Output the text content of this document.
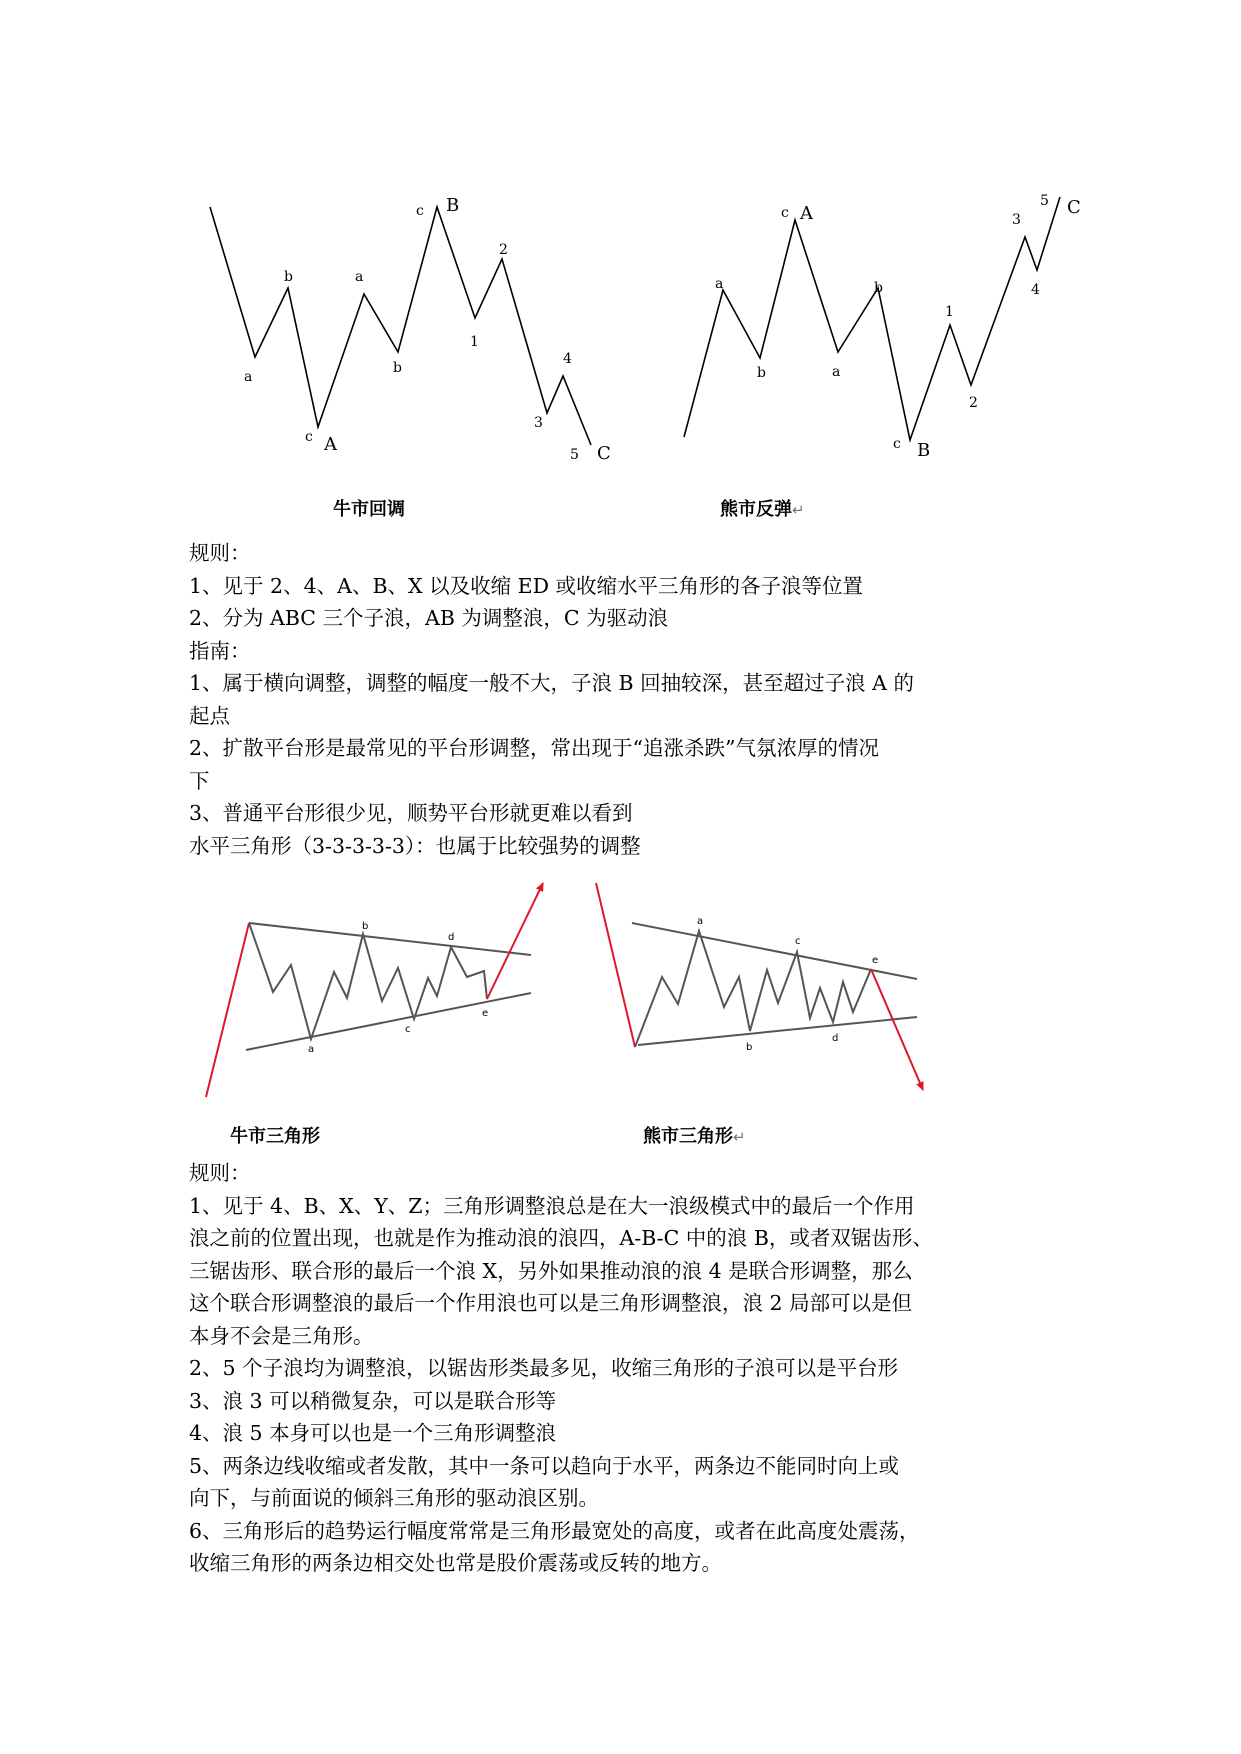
a
b
c A
a
b
c B
1
2
3
4
5 C
a
b
c A
a
b
c B
1
2
3
4
5 C
牛市回调	熊市反弹↵

规则：

1、见于 2、4、A、B、X 以及收缩 ED 或收缩水平三角形的各子浪等位置

2、分为 ABC 三个子浪，AB 为调整浪，C 为驱动浪

指南：

1、属于横向调整，调整的幅度一般不大，子浪 B 回抽较深，甚至超过子浪 A 的

起点

2、扩散平台形是最常见的平台形调整，常出现于“追涨杀跌”气氛浓厚的情况

下

3、普通平台形很少见，顺势平台形就更难以看到

水平三角形（3-3-3-3-3）：也属于比较强势的调整

a
b
c
d
e
a
b
c
d
e
牛市三角形	熊市三角形↵

规则：

1、见于 4、B、X、Y、Z；三角形调整浪总是在大一浪级模式中的最后一个作用

浪之前的位置出现，也就是作为推动浪的浪四，A-B-C 中的浪 B，或者双锯齿形、

三锯齿形、联合形的最后一个浪 X，另外如果推动浪的浪 4 是联合形调整，那么

这个联合形调整浪的最后一个作用浪也可以是三角形调整浪，浪 2 局部可以是但

本身不会是三角形。

2、5 个子浪均为调整浪，以锯齿形类最多见，收缩三角形的子浪可以是平台形

3、浪 3 可以稍微复杂，可以是联合形等

4、浪 5 本身可以也是一个三角形调整浪

5、两条边线收缩或者发散，其中一条可以趋向于水平，两条边不能同时向上或

向下，与前面说的倾斜三角形的驱动浪区别。

6、三角形后的趋势运行幅度常常是三角形最宽处的高度，或者在此高度处震荡，

收缩三角形的两条边相交处也常是股价震荡或反转的地方。
